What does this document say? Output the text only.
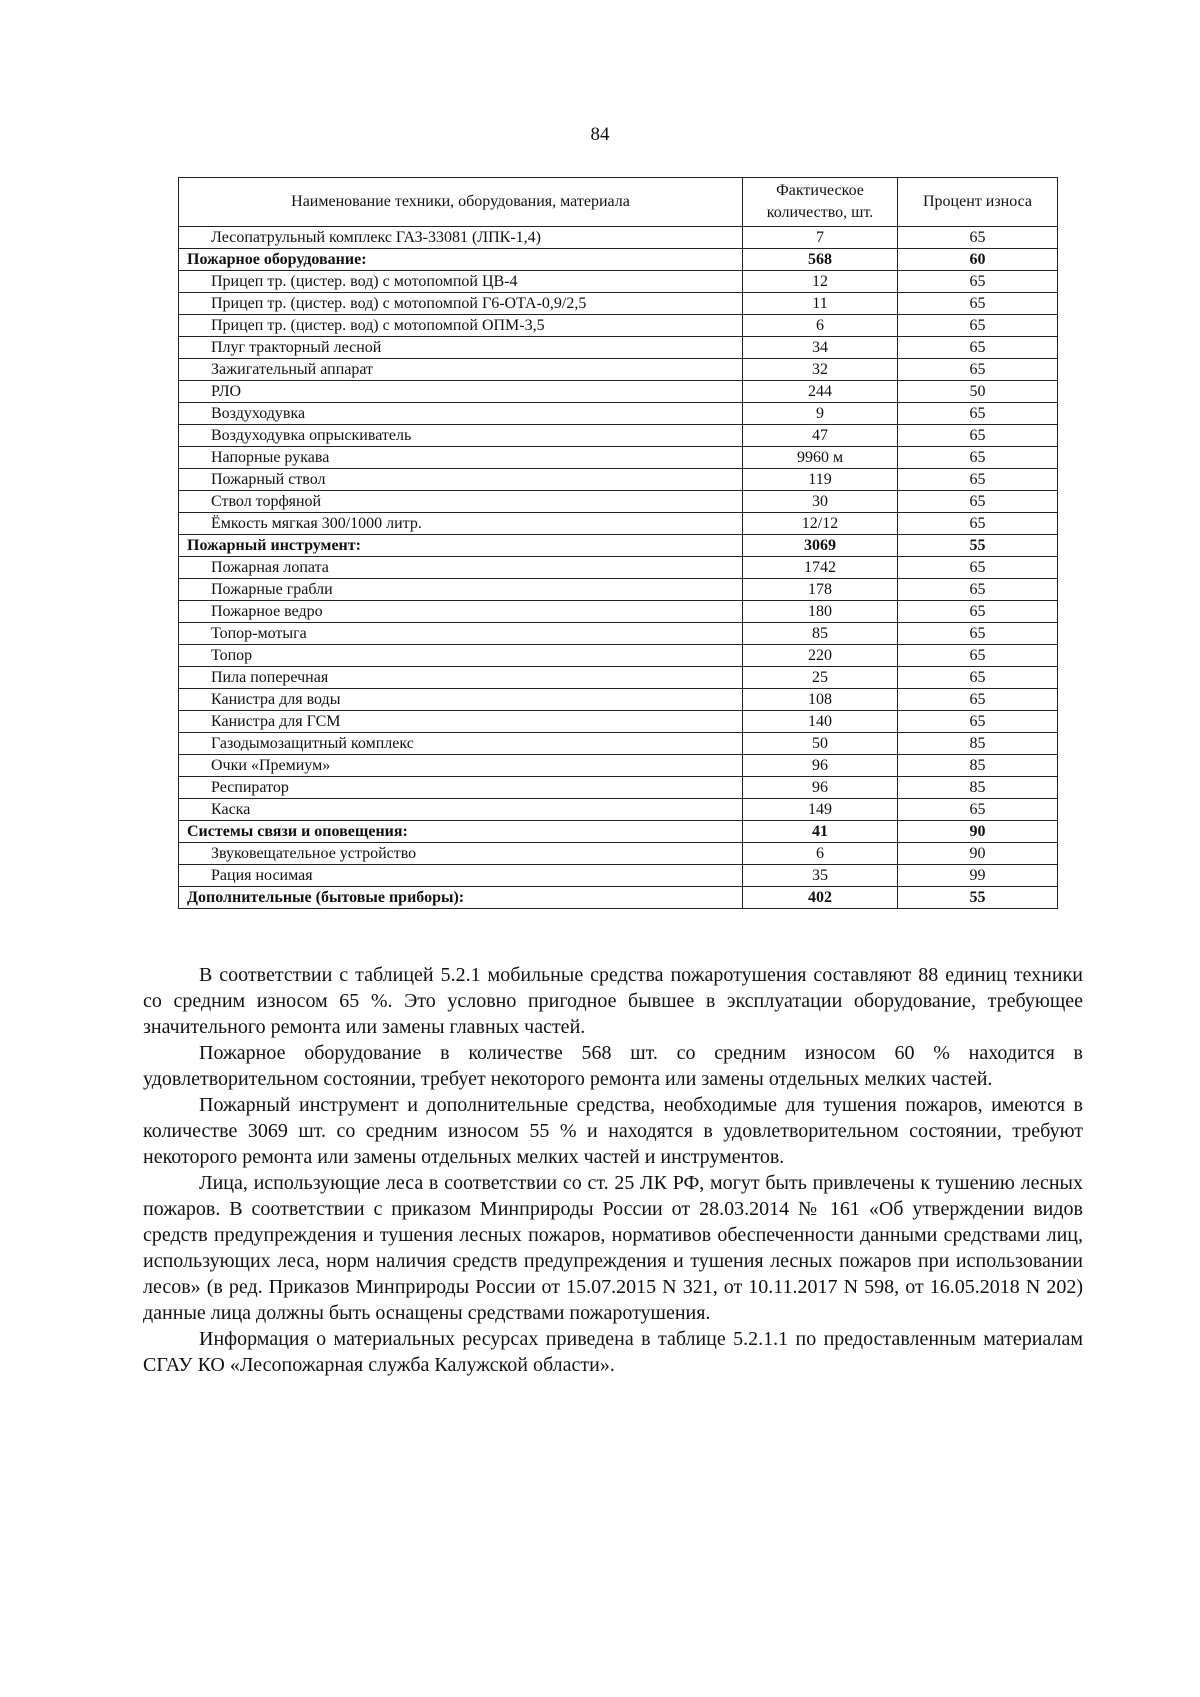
84
Наименование техники, оборудования, материала	Фактическое количество, шт.	Процент износа
Лесопатрульный комплекс ГАЗ-33081 (ЛПК-1,4)	7	65
Пожарное оборудование:	568	60
Прицеп тр. (цистер. вод) с мотопомпой ЦВ-4	12	65
Прицеп тр. (цистер. вод) с мотопомпой Г6-ОТА-0,9/2,5	11	65
Прицеп тр. (цистер. вод) с мотопомпой ОПМ-3,5	6	65
Плуг тракторный лесной	34	65
Зажигательный аппарат	32	65
РЛО	244	50
Воздуходувка	9	65
Воздуходувка опрыскиватель	47	65
Напорные рукава	9960 м	65
Пожарный ствол	119	65
Ствол торфяной	30	65
Ёмкость мягкая 300/1000 литр.	12/12	65
Пожарный инструмент:	3069	55
Пожарная лопата	1742	65
Пожарные грабли	178	65
Пожарное ведро	180	65
Топор-мотыга	85	65
Топор	220	65
Пила поперечная	25	65
Канистра для воды	108	65
Канистра для ГСМ	140	65
Газодымозащитный комплекс	50	85
Очки «Премиум»	96	85
Респиратор	96	85
Каска	149	65
Системы связи и оповещения:	41	90
Звуковещательное устройство	6	90
Рация носимая	35	99
Дополнительные (бытовые приборы):	402	55

В соответствии с таблицей 5.2.1 мобильные средства пожаротушения составляют 88 единиц техники со средним износом 65 %. Это условно пригодное бывшее в эксплуатации оборудование, требующее значительного ремонта или замены главных частей.

Пожарное оборудование в количестве 568 шт. со средним износом 60 % находится в удовлетворительном состоянии, требует некоторого ремонта или замены отдельных мелких частей.

Пожарный инструмент и дополнительные средства, необходимые для тушения пожаров, имеются в количестве 3069 шт. со средним износом 55 % и находятся в удовлетворительном состоянии, требуют некоторого ремонта или замены отдельных мелких частей и инструментов.

Лица, использующие леса в соответствии со ст. 25 ЛК РФ, могут быть привлечены к тушению лесных пожаров. В соответствии с приказом Минприроды России от 28.03.2014 № 161 «Об утверждении видов средств предупреждения и тушения лесных пожаров, нормативов обеспеченности данными средствами лиц, использующих леса, норм наличия средств предупреждения и тушения лесных пожаров при использовании лесов» (в ред. Приказов Минприроды России от 15.07.2015 N 321, от 10.11.2017 N 598, от 16.05.2018 N 202) данные лица должны быть оснащены средствами пожаротушения.

Информация о материальных ресурсах приведена в таблице 5.2.1.1 по предоставленным материалам СГАУ КО «Лесопожарная служба Калужской области».
